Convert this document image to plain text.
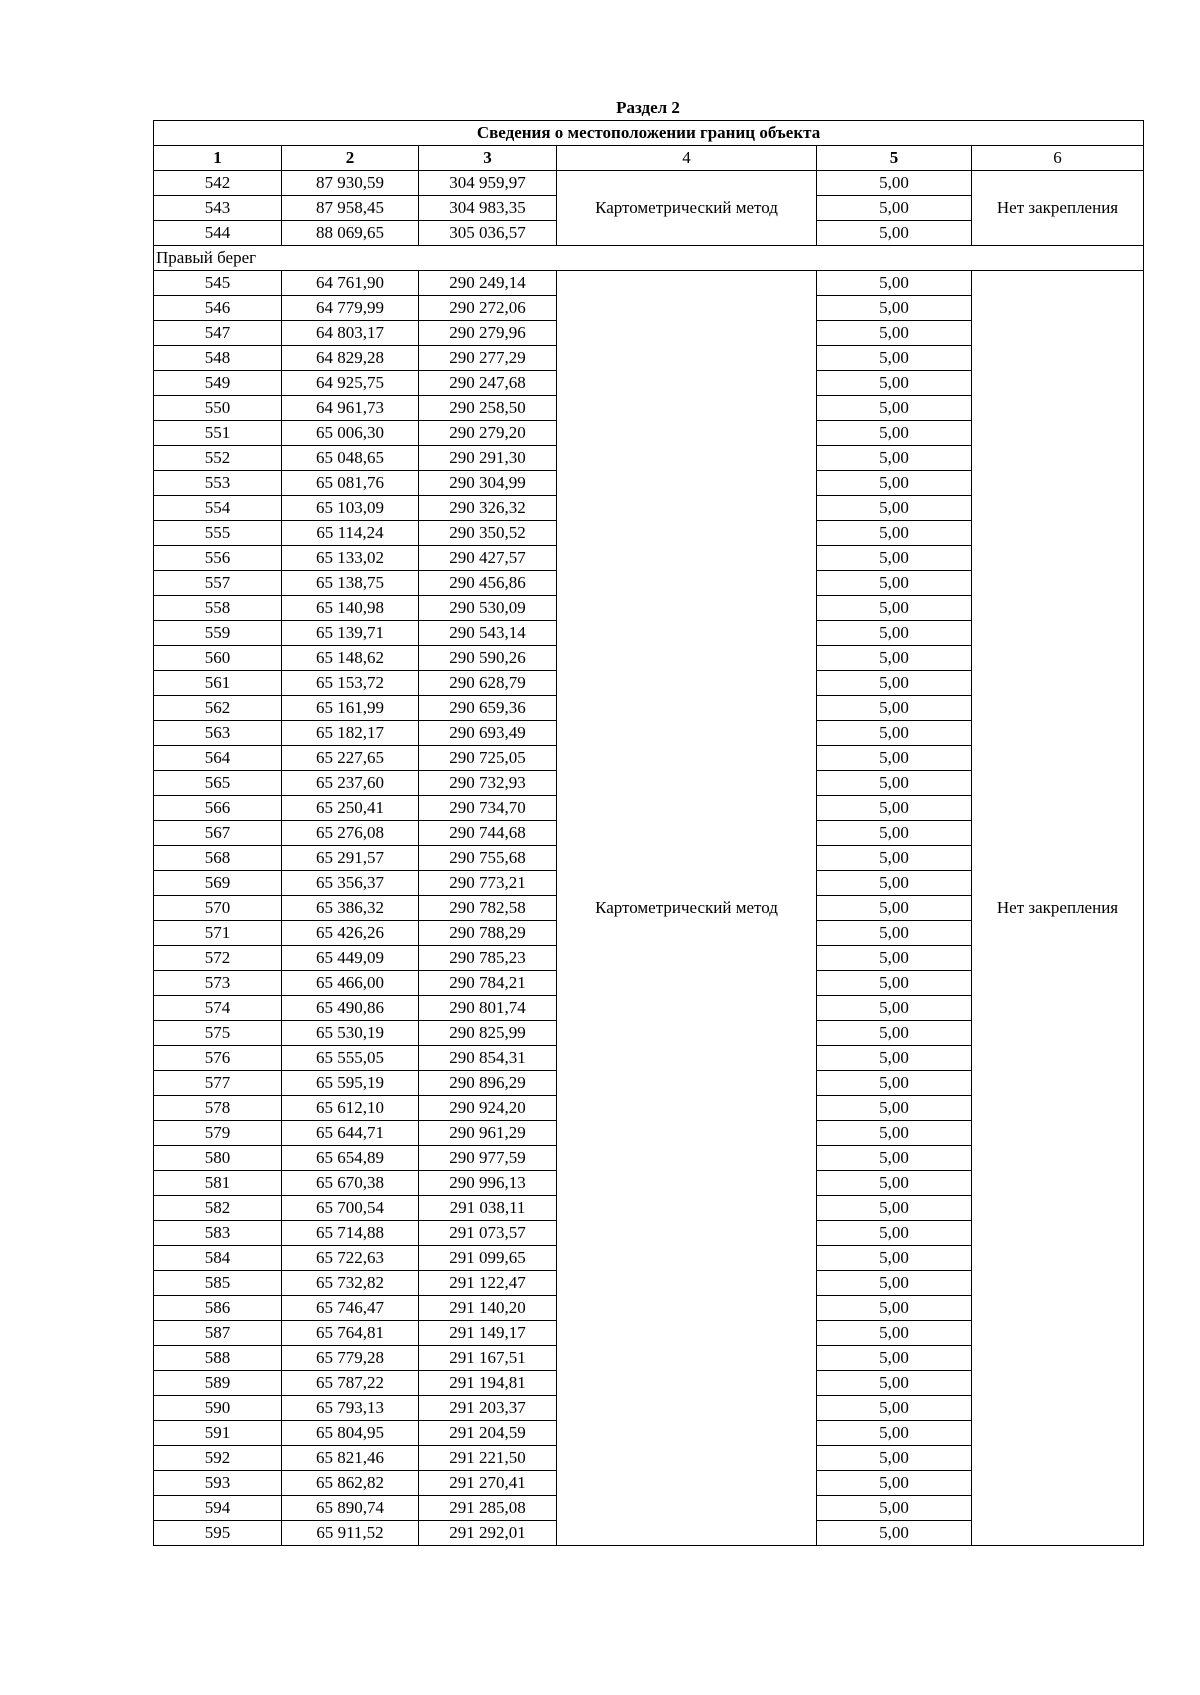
Раздел 2
Сведения о местоположении границ объекта					
1	2	3	4	5	6
542	87 930,59	304 959,97	Картометрический метод	5,00	Нет закрепления
543	87 958,45	304 983,35		5,00	
544	88 069,65	305 036,57		5,00	
Правый берег					
545	64 761,90	290 249,14	Картометрический метод	5,00	Нет закрепления
546	64 779,99	290 272,06		5,00	
547	64 803,17	290 279,96		5,00	
548	64 829,28	290 277,29		5,00	
549	64 925,75	290 247,68		5,00	
550	64 961,73	290 258,50		5,00	
551	65 006,30	290 279,20		5,00	
552	65 048,65	290 291,30		5,00	
553	65 081,76	290 304,99		5,00	
554	65 103,09	290 326,32		5,00	
555	65 114,24	290 350,52		5,00	
556	65 133,02	290 427,57		5,00	
557	65 138,75	290 456,86		5,00	
558	65 140,98	290 530,09		5,00	
559	65 139,71	290 543,14		5,00	
560	65 148,62	290 590,26		5,00	
561	65 153,72	290 628,79		5,00	
562	65 161,99	290 659,36		5,00	
563	65 182,17	290 693,49		5,00	
564	65 227,65	290 725,05		5,00	
565	65 237,60	290 732,93		5,00	
566	65 250,41	290 734,70		5,00	
567	65 276,08	290 744,68		5,00	
568	65 291,57	290 755,68		5,00	
569	65 356,37	290 773,21		5,00	
570	65 386,32	290 782,58		5,00	
571	65 426,26	290 788,29		5,00	
572	65 449,09	290 785,23		5,00	
573	65 466,00	290 784,21		5,00	
574	65 490,86	290 801,74		5,00	
575	65 530,19	290 825,99		5,00	
576	65 555,05	290 854,31		5,00	
577	65 595,19	290 896,29		5,00	
578	65 612,10	290 924,20		5,00	
579	65 644,71	290 961,29		5,00	
580	65 654,89	290 977,59		5,00	
581	65 670,38	290 996,13		5,00	
582	65 700,54	291 038,11		5,00	
583	65 714,88	291 073,57		5,00	
584	65 722,63	291 099,65		5,00	
585	65 732,82	291 122,47		5,00	
586	65 746,47	291 140,20		5,00	
587	65 764,81	291 149,17		5,00	
588	65 779,28	291 167,51		5,00	
589	65 787,22	291 194,81		5,00	
590	65 793,13	291 203,37		5,00	
591	65 804,95	291 204,59		5,00	
592	65 821,46	291 221,50		5,00	
593	65 862,82	291 270,41		5,00	
594	65 890,74	291 285,08		5,00	
595	65 911,52	291 292,01		5,00	
